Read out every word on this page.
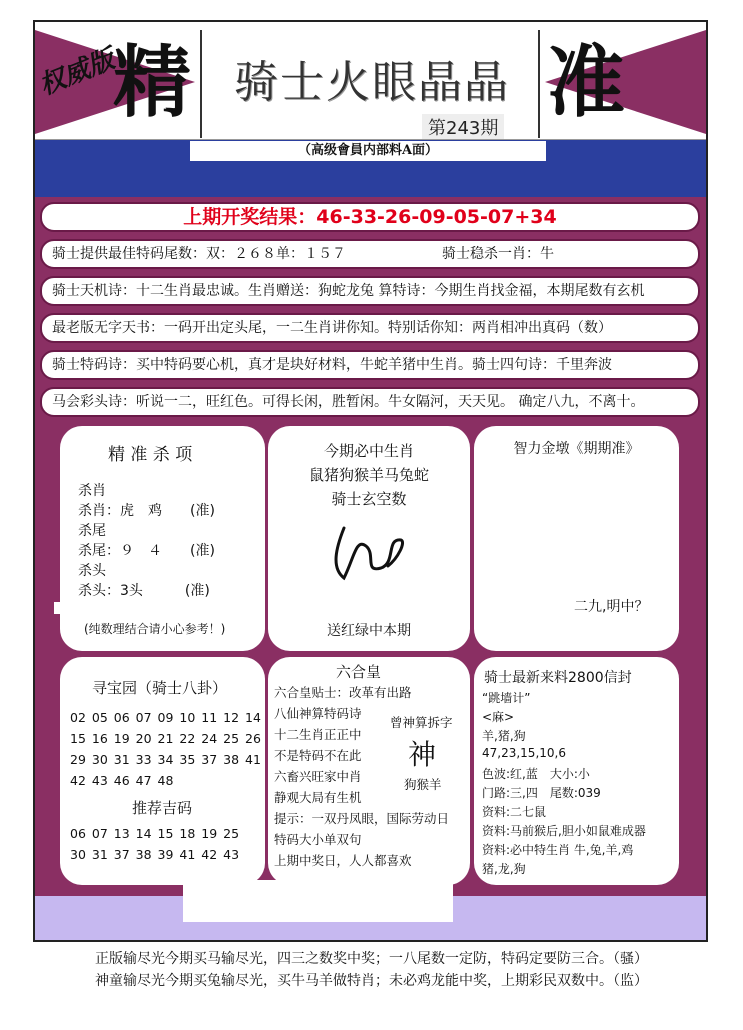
权威版
精 骑士火眼晶晶
第243期
准
（高级會員内部料A面）
上期开奖结果：46-33-26-09-05-07+34
骑士提供最佳特码尾数：双：２６８单：１５７	骑士稳杀一肖：牛
骑士天机诗：十二生肖最忠诚。生肖赠送：狗蛇龙兔 算特诗：今期生肖找金福，本期尾数有玄机
最老版无字天书：一码开出定头尾，一二生肖讲你知。特别话你知：两肖相冲出真码（数）
骑士特码诗：买中特码要心机，真才是块好材料，牛蛇羊猪中生肖。骑士四句诗：千里奔波
马会彩头诗：听说一二，旺红色。可得长闲，胜暂闲。牛女隔河，天天见。 确定八九，不离十。
精 准 杀 项
杀肖
杀肖：虎　鸡　　(准)
杀尾
杀尾：９　４　　(准)
杀头
杀头：3头　　　(准)
(纯数理结合请小心参考！)
今期必中生肖
鼠猪狗猴羊马兔蛇
骑士玄空数
送红绿中本期
智力金墩《期期准》
二九,明中？
寻宝园（骑士八卦）
02 05 06 07 09 10 11 12 14
15 16 19 20 21 22 24 25 26
29 30 31 33 34 35 37 38 41
42 43 46 47 48
推荐吉码
06 07 13 14 15 18 19 25
30 31 37 38 39 41 42 43
六合皇
六合皇贴士：改革有出路
八仙神算特码诗
十二生肖正正中
不是特码不在此
六畜兴旺家中肖
静观大局有生机
提示：一双丹凤眼，国际劳动日
特码大小单双句
上期中奖日，人人都喜欢
曾神算拆字
神
狗猴羊
骑士最新来料2800信封
“跳墙计”
<麻>
羊,猪,狗
47,23,15,10,6
色波:红,蓝　大小:小
门路:三,四　尾数:039
资料:二七鼠
资料:马前猴后,胆小如鼠难成器
资料:必中特生肖 牛,兔,羊,鸡
猪,龙,狗
正版输尽光今期买马输尽光，四三之数奖中奖；一八尾数一定防，特码定要防三合。（骚）
神童输尽光今期买兔输尽光，买牛马羊做特肖；未必鸡龙能中奖，上期彩民双数中。（监）
